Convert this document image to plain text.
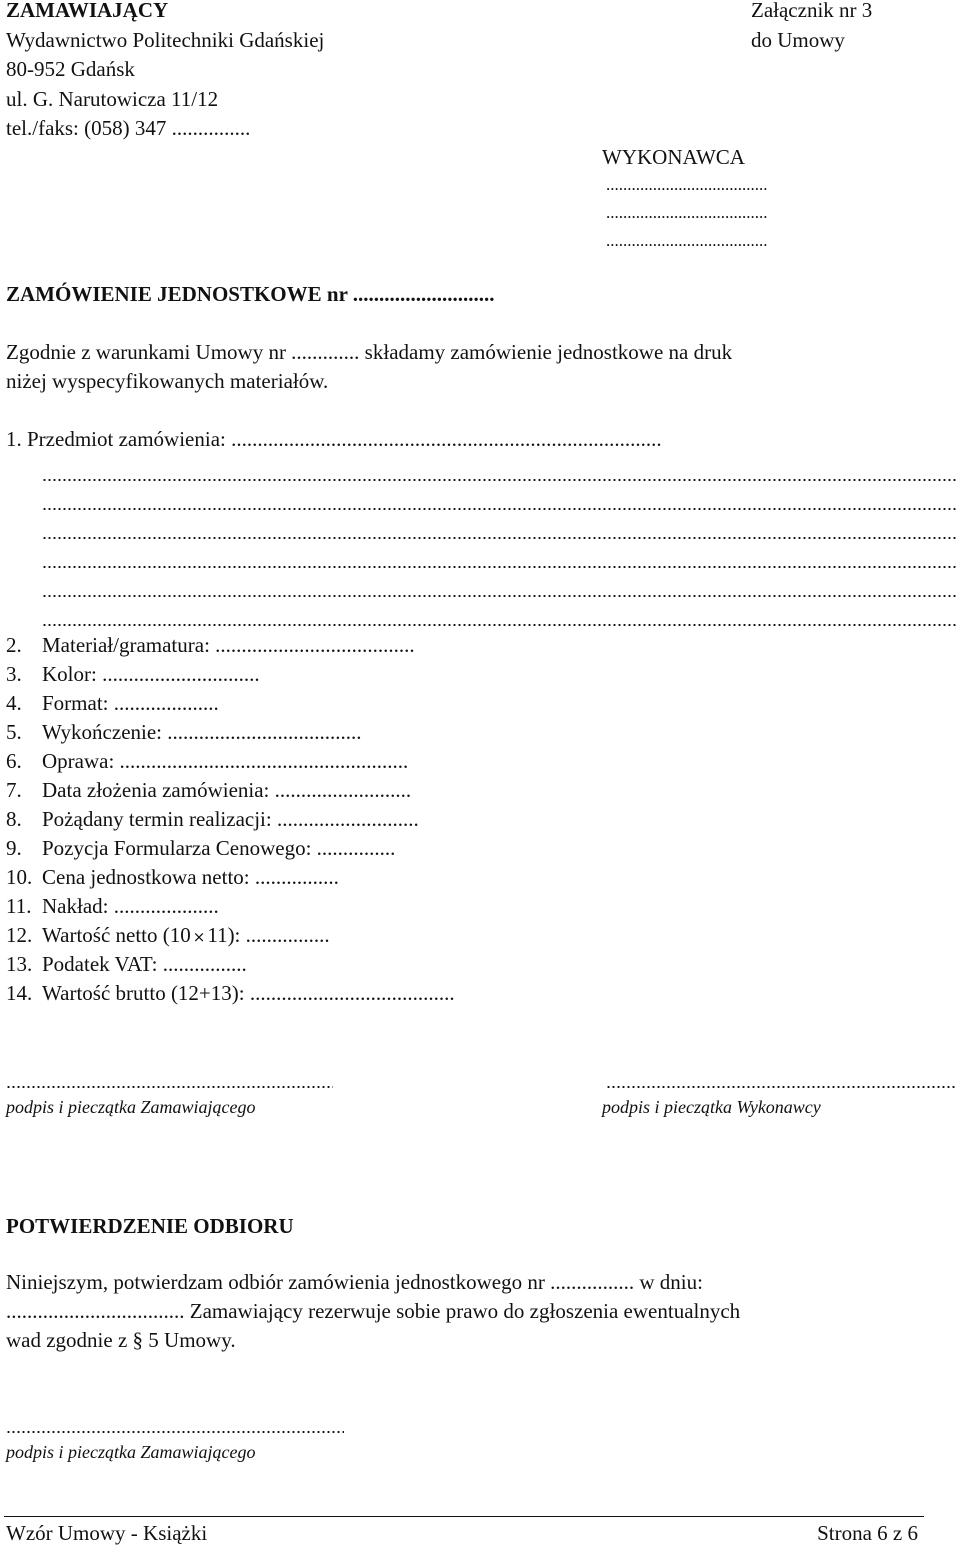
ZAMAWIAJĄCY
Wydawnictwo Politechniki Gdańskiej
80-952 Gdańsk
ul. G. Narutowicza 11/12
tel./faks: (058) 347 ...............
Załącznik nr 3
do Umowy
WYKONAWCA
......................................
......................................
......................................
ZAMÓWIENIE JEDNOSTKOWE nr ...........................
Zgodnie z warunkami Umowy nr ............. składamy zamówienie jednostkowe na druk
niżej wyspecyfikowanych materiałów.
1. Przedmiot zamówienia: ..................................................................................
2. Materiał/gramatura: ......................................
3. Kolor: ..............................
4. Format: ....................
5. Wykończenie: .....................................
6. Oprawa: .......................................................
7. Data złożenia zamówienia: ..........................
8. Pożądany termin realizacji: ...........................
9. Pozycja Formularza Cenowego: ...............
10. Cena jednostkowa netto: ................
11. Nakład: ....................
12. Wartość netto (10 ×11): ................
13. Podatek VAT: ................
14. Wartość brutto (12+13): .......................................
podpis i pieczątka Zamawiającego	podpis i pieczątka Wykonawcy
POTWIERDZENIE ODBIORU
Niniejszym, potwierdzam odbiór zamówienia jednostkowego nr ................ w dniu:
.................................. Zamawiający rezerwuje sobie prawo do zgłoszenia ewentualnych
wad zgodnie z § 5 Umowy.
podpis i pieczątka Zamawiającego
Wzór Umowy - Książki	Strona 6 z 6
